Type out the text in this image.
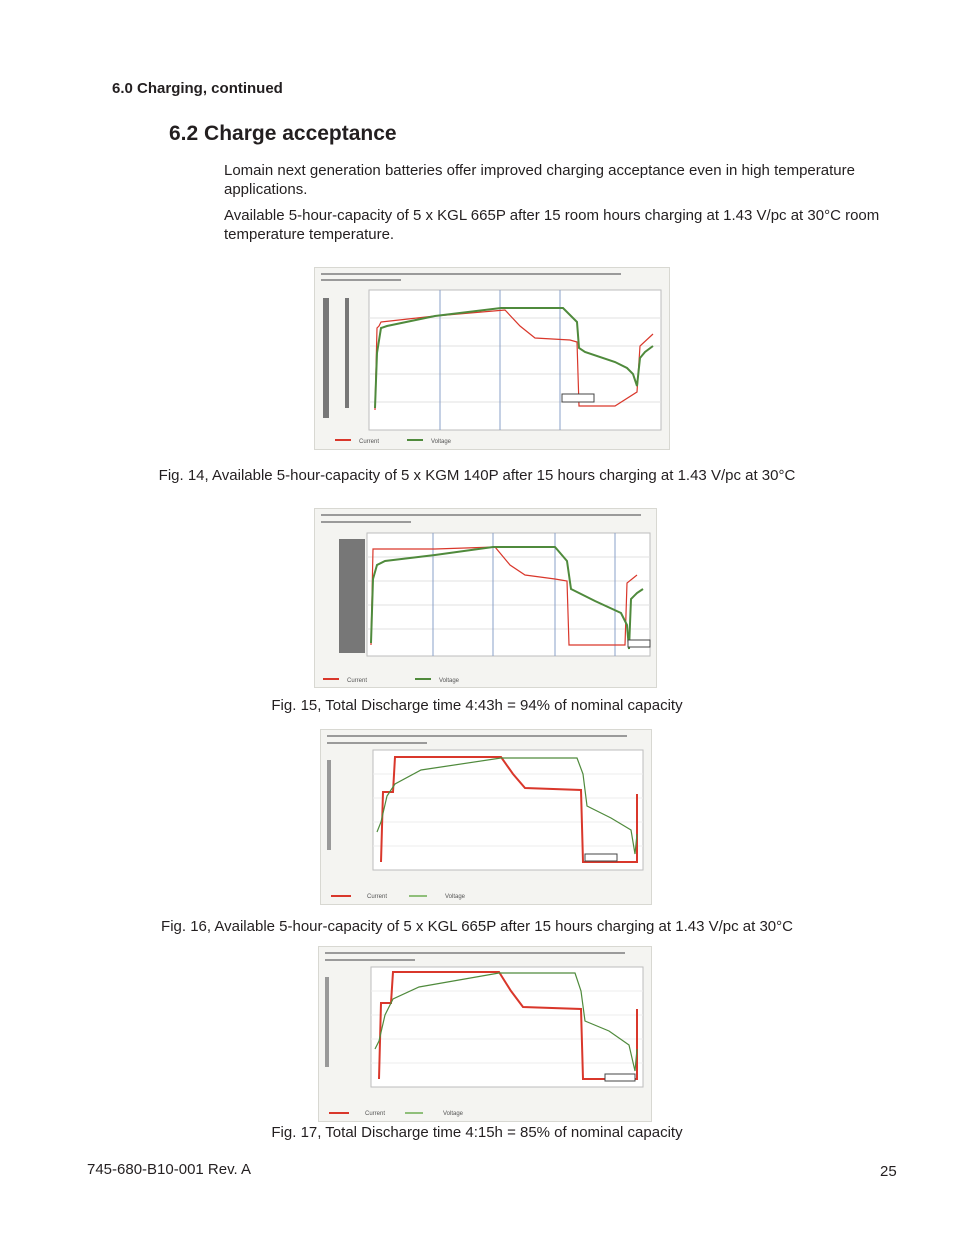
6.0 Charging, continued
6.2 Charge acceptance
Lomain next generation batteries offer improved charging acceptance even in high temperature applications.
Available 5-hour-capacity of 5 x KGL 665P after 15 room hours charging at 1.43 V/pc at 30°C room temperature temperature.
Current	Voltage
Fig. 14, Available 5-hour-capacity of 5 x KGM 140P after 15 hours charging at 1.43 V/pc at 30°C
Current	Voltage
Fig. 15, Total Discharge time 4:43h = 94% of nominal capacity
Current	Voltage
Fig. 16, Available 5-hour-capacity of 5 x KGL 665P after 15 hours charging at 1.43 V/pc at 30°C
Current	Voltage
Fig. 17, Total Discharge time 4:15h = 85% of nominal capacity
745-680-B10-001 Rev. A	25
